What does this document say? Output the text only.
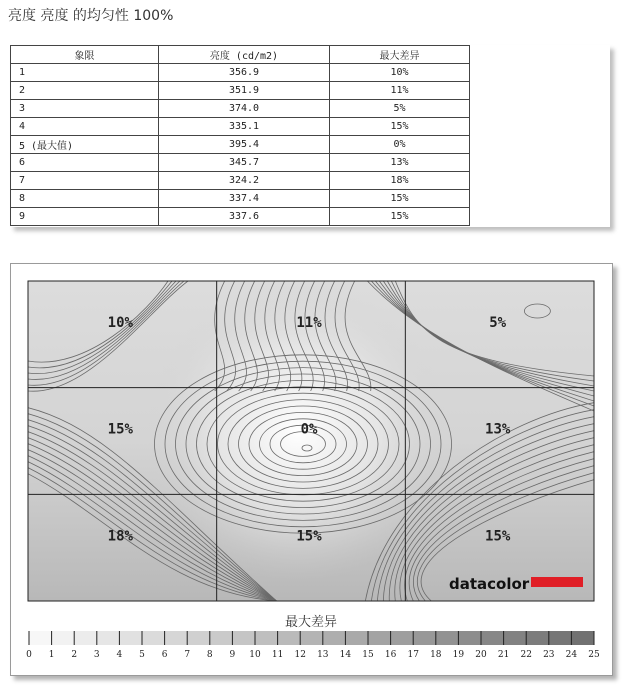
亮度 亮度 的均匀性 100%
象限	亮度 (cd/m2)	最大差异
1	356.9	10%
2	351.9	11%
3	374.0	5%
4	335.1	15%
5 (最大值)	395.4	0%
6	345.7	13%
7	324.2	18%
8	337.4	15%
9	337.6	15%
10%	11%	5%
15%	0%	13%
18%	15%	15%
datacolor
最大差异
0 1 2 3 4 5 6 7 8 9 10 11 12 13 14 15 16 17 18 19 20 21 22 23 24 25
